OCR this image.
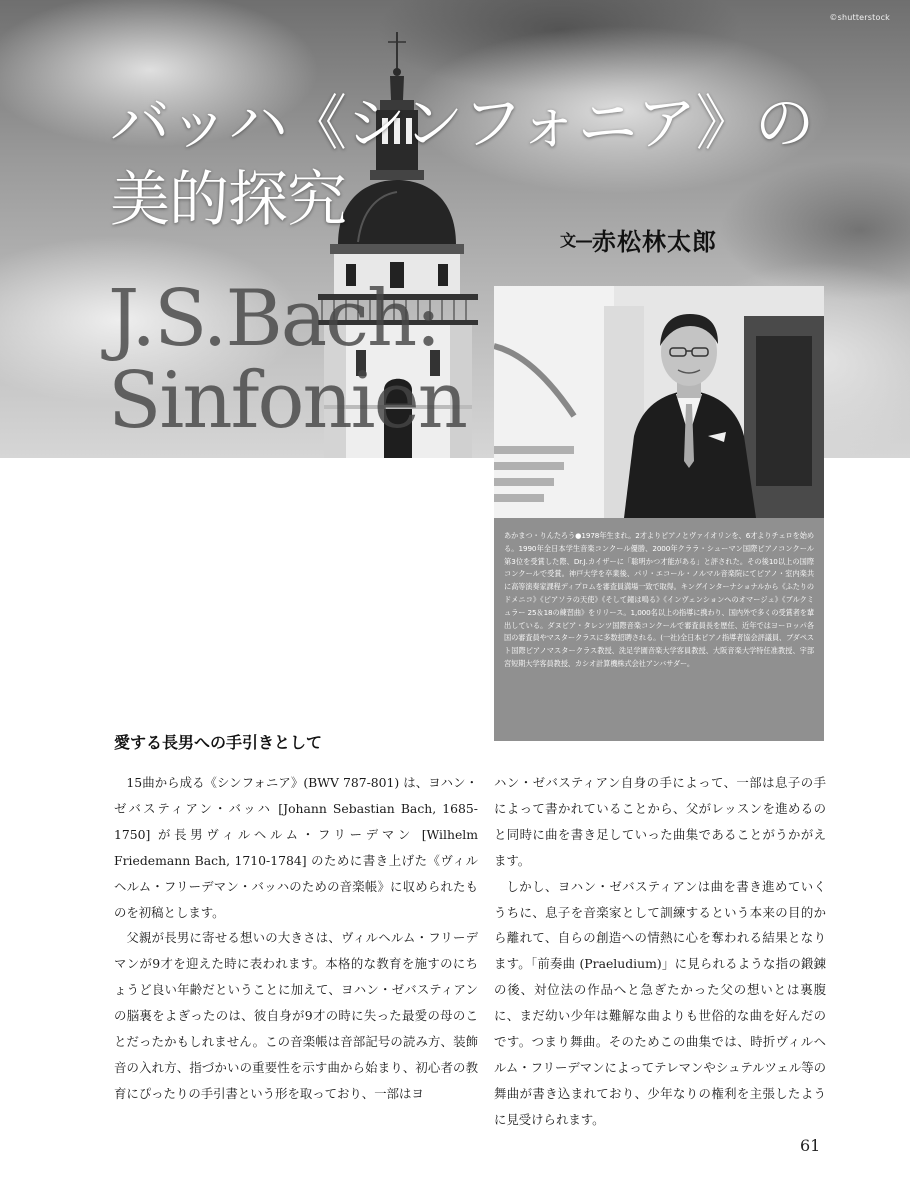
©shutterstock
バッハ《シンフォニア》の
美的探究
文―赤松林太郎
J.S.Bach:
Sinfonien
あかまつ・りんたろう●1978年生まれ。2才よりピアノとヴァイオリンを、6才よりチェロを始める。1990年全日本学生音楽コンクール優勝、2000年クララ・シューマン国際ピアノコンクール第3位を受賞した際、Dr.J.カイザーに「聡明かつ才能がある」と評された。その後10以上の国際コンクールで受賞。神戸大学を卒業後、パリ・エコール・ノルマル音楽院にてピアノ・室内楽共に高等演奏家課程ディプロムを審査員満場一致で取得。キングインターナショナルから《ふたりのドメニコ》《ピアソラの天使》《そして鐘は鳴る》《インヴェンションへのオマージュ》《ブルクミュラー 25＆18の練習曲》をリリース。1,000名以上の指導に携わり、国内外で多くの受賞者を輩出している。ダヌビア・タレンツ国際音楽コンクールで審査員長を歴任、近年ではヨーロッパ各国の審査員やマスタークラスに多数招聘される。(一社)全日本ピアノ指導者協会評議員、ブダペスト国際ピアノマスタークラス教授、洗足学園音楽大学客員教授、大阪音楽大学特任准教授、宇部宮短期大学客員教授、カシオ計算機株式会社アンバサダー。
愛する長男への手引きとして

15曲から成る《シンフォニア》(BWV 787-801) は、ヨハン・ゼバスティアン・バッハ [Johann Sebastian Bach, 1685-1750] が長男ヴィルヘルム・フリーデマン [Wilhelm Friedemann Bach, 1710-1784] のために書き上げた《ヴィルヘルム・フリーデマン・バッハのための音楽帳》に収められたものを初稿とします。

父親が長男に寄せる想いの大きさは、ヴィルヘルム・フリーデマンが9才を迎えた時に表われます。本格的な教育を施すのにちょうど良い年齢だということに加えて、ヨハン・ゼバスティアンの脳裏をよぎったのは、彼自身が9才の時に失った最愛の母のことだったかもしれません。この音楽帳は音部記号の読み方、装飾音の入れ方、指づかいの重要性を示す曲から始まり、初心者の教育にぴったりの手引書という形を取っており、一部はヨ

ハン・ゼバスティアン自身の手によって、一部は息子の手によって書かれていることから、父がレッスンを進めるのと同時に曲を書き足していった曲集であることがうかがえます。

しかし、ヨハン・ゼバスティアンは曲を書き進めていくうちに、息子を音楽家として訓練するという本来の目的から離れて、自らの創造への情熱に心を奪われる結果となります。「前奏曲 (Praeludium)」に見られるような指の鍛錬の後、対位法の作品へと急ぎたかった父の想いとは裏腹に、まだ幼い少年は難解な曲よりも世俗的な曲を好んだのです。つまり舞曲。そのためこの曲集では、時折ヴィルヘルム・フリーデマンによってテレマンやシュテルツェル等の舞曲が書き込まれており、少年なりの権利を主張したように見受けられます。

61
